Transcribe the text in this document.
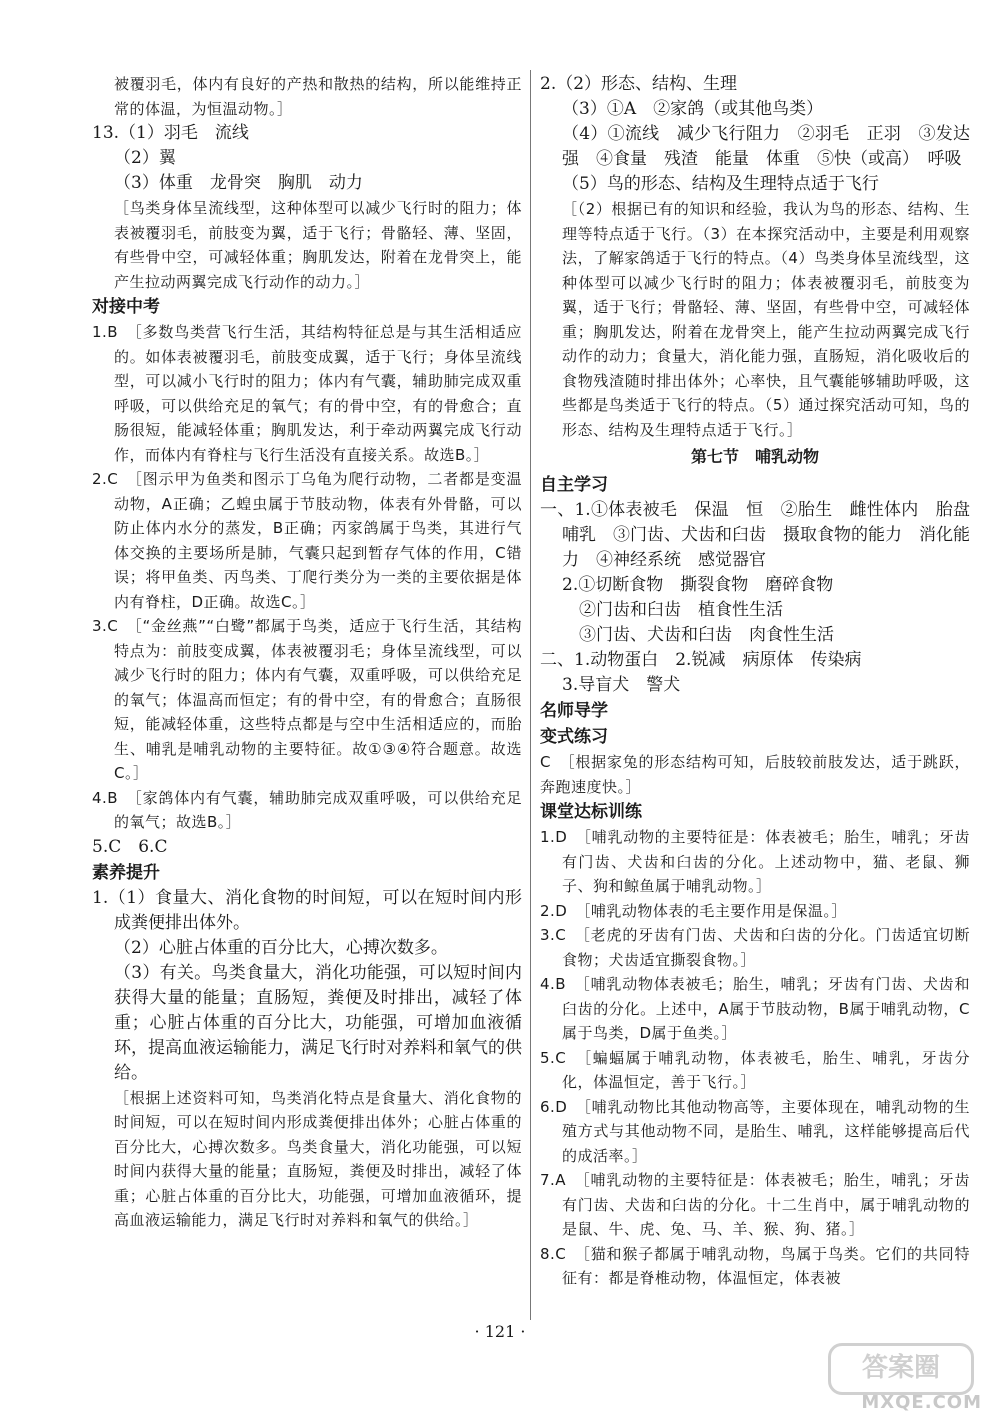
被覆羽毛，体内有良好的产热和散热的结构，所以能维持正常的体温，为恒温动物。］

13.（1）羽毛　流线

（2）翼

（3）体重　龙骨突　胸肌　动力

［鸟类身体呈流线型，这种体型可以减少飞行时的阻力；体表被覆羽毛，前肢变为翼，适于飞行；骨骼轻、薄、坚固，有些骨中空，可减轻体重；胸肌发达，附着在龙骨突上，能产生拉动两翼完成飞行动作的动力。］

对接中考

1.B　［多数鸟类营飞行生活，其结构特征总是与其生活相适应的。如体表被覆羽毛，前肢变成翼，适于飞行；身体呈流线型，可以减小飞行时的阻力；体内有气囊，辅助肺完成双重呼吸，可以供给充足的氧气；有的骨中空，有的骨愈合；直肠很短，能减轻体重；胸肌发达，利于牵动两翼完成飞行动作，而体内有脊柱与飞行生活没有直接关系。故选B。］

2.C　［图示甲为鱼类和图示丁乌龟为爬行动物，二者都是变温动物，A正确；乙蝗虫属于节肢动物，体表有外骨骼，可以防止体内水分的蒸发，B正确；丙家鸽属于鸟类，其进行气体交换的主要场所是肺，气囊只起到暂存气体的作用，C错误；将甲鱼类、丙鸟类、丁爬行类分为一类的主要依据是体内有脊柱，D正确。故选C。］

3.C　［“金丝燕”“白鹭”都属于鸟类，适应于飞行生活，其结构特点为：前肢变成翼，体表被覆羽毛；身体呈流线型，可以减少飞行时的阻力；体内有气囊，双重呼吸，可以供给充足的氧气；体温高而恒定；有的骨中空，有的骨愈合；直肠很短，能减轻体重，这些特点都是与空中生活相适应的，而胎生、哺乳是哺乳动物的主要特征。故①③④符合题意。故选C。］

4.B　［家鸽体内有气囊，辅助肺完成双重呼吸，可以供给充足的氧气；故选B。］

5.C　6.C

素养提升

1.（1）食量大、消化食物的时间短，可以在短时间内形成粪便排出体外。

（2）心脏占体重的百分比大，心搏次数多。

（3）有关。鸟类食量大，消化功能强，可以短时间内获得大量的能量；直肠短，粪便及时排出，减轻了体重；心脏占体重的百分比大，功能强，可增加血液循环，提高血液运输能力，满足飞行时对养料和氧气的供给。

［根据上述资料可知，鸟类消化特点是食量大、消化食物的时间短，可以在短时间内形成粪便排出体外；心脏占体重的百分比大，心搏次数多。鸟类食量大，消化功能强，可以短时间内获得大量的能量；直肠短，粪便及时排出，减轻了体重；心脏占体重的百分比大，功能强，可增加血液循环，提高血液运输能力，满足飞行时对养料和氧气的供给。］

2.（2）形态、结构、生理

（3）①A　②家鸽（或其他鸟类）

（4）①流线　减少飞行阻力　②羽毛　正羽　③发达　强　④食量　残渣　能量　体重　⑤快（或高）　呼吸

（5）鸟的形态、结构及生理特点适于飞行

［（2）根据已有的知识和经验，我认为鸟的形态、结构、生理等特点适于飞行。（3）在本探究活动中，主要是利用观察法，了解家鸽适于飞行的特点。（4）鸟类身体呈流线型，这种体型可以减少飞行时的阻力；体表被覆羽毛，前肢变为翼，适于飞行；骨骼轻、薄、坚固，有些骨中空，可减轻体重；胸肌发达，附着在龙骨突上，能产生拉动两翼完成飞行动作的动力；食量大，消化能力强，直肠短，消化吸收后的食物残渣随时排出体外；心率快，且气囊能够辅助呼吸，这些都是鸟类适于飞行的特点。（5）通过探究活动可知，鸟的形态、结构及生理特点适于飞行。］

第七节　哺乳动物

自主学习

一、1.①体表被毛　保温　恒　②胎生　雌性体内　胎盘　哺乳　③门齿、犬齿和臼齿　摄取食物的能力　消化能力　④神经系统　感觉器官

2.①切断食物　撕裂食物　磨碎食物

　②门齿和臼齿　植食性生活

　③门齿、犬齿和臼齿　肉食性生活

二、1.动物蛋白　2.锐减　病原体　传染病

3.导盲犬　警犬

名师导学

变式练习

C　［根据家兔的形态结构可知，后肢较前肢发达，适于跳跃，奔跑速度快。］

课堂达标训练

1.D　［哺乳动物的主要特征是：体表被毛；胎生，哺乳；牙齿有门齿、犬齿和臼齿的分化。上述动物中，猫、老鼠、狮子、狗和鲸鱼属于哺乳动物。］

2.D　［哺乳动物体表的毛主要作用是保温。］

3.C　［老虎的牙齿有门齿、犬齿和臼齿的分化。门齿适宜切断食物；犬齿适宜撕裂食物。］

4.B　［哺乳动物体表被毛；胎生，哺乳；牙齿有门齿、犬齿和臼齿的分化。上述中，A属于节肢动物，B属于哺乳动物，C属于鸟类，D属于鱼类。］

5.C　［蝙蝠属于哺乳动物，体表被毛，胎生、哺乳，牙齿分化，体温恒定，善于飞行。］

6.D　［哺乳动物比其他动物高等，主要体现在，哺乳动物的生殖方式与其他动物不同，是胎生、哺乳，这样能够提高后代的成活率。］

7.A　［哺乳动物的主要特征是：体表被毛；胎生，哺乳；牙齿有门齿、犬齿和臼齿的分化。十二生肖中，属于哺乳动物的是鼠、牛、虎、兔、马、羊、猴、狗、猪。］

8.C　［猫和猴子都属于哺乳动物，鸟属于鸟类。它们的共同特征有：都是脊椎动物，体温恒定，体表被

· 121 ·
答案圈
MXQE.COM
